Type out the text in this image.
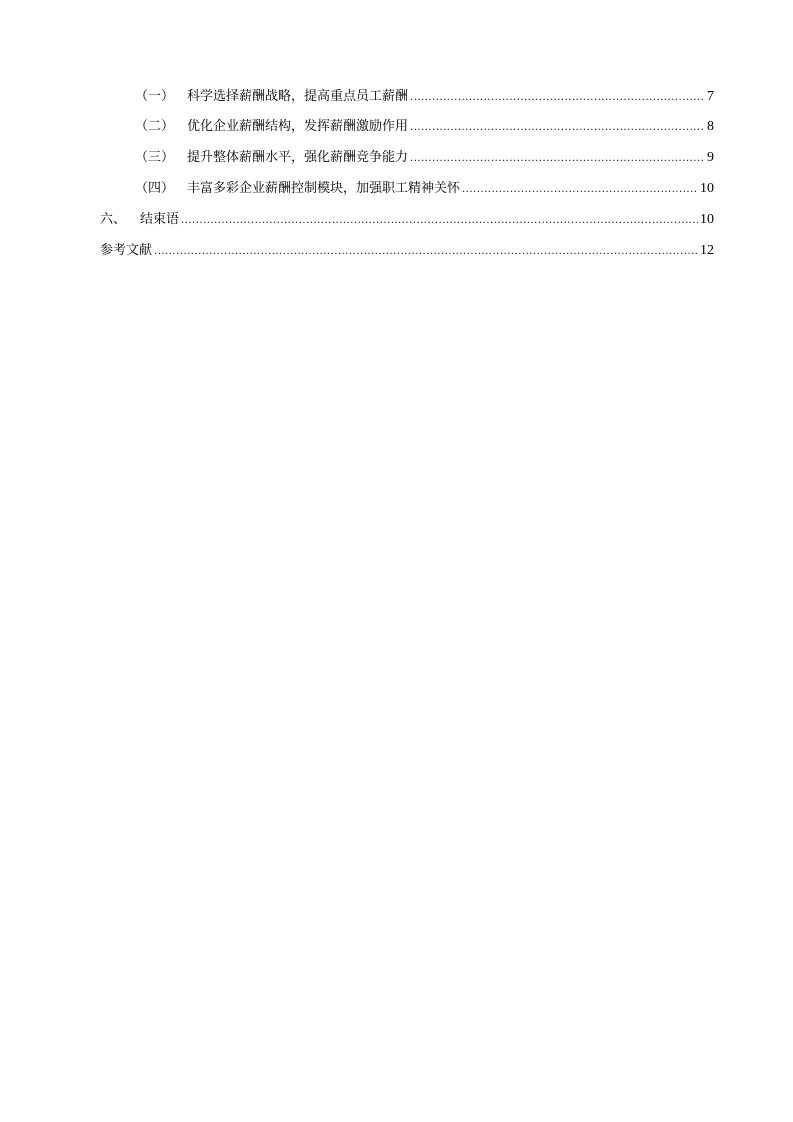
（一） 科学选择薪酬战略，提高重点员工薪酬 .....	7
（二） 优化企业薪酬结构，发挥薪酬激励作用 .....	8
（三） 提升整体薪酬水平，强化薪酬竞争能力 .....	9
（四） 丰富多彩企业薪酬控制模块，加强职工精神关怀 .....	10
六、	结束语 .....	10
参考文献 .....	12
